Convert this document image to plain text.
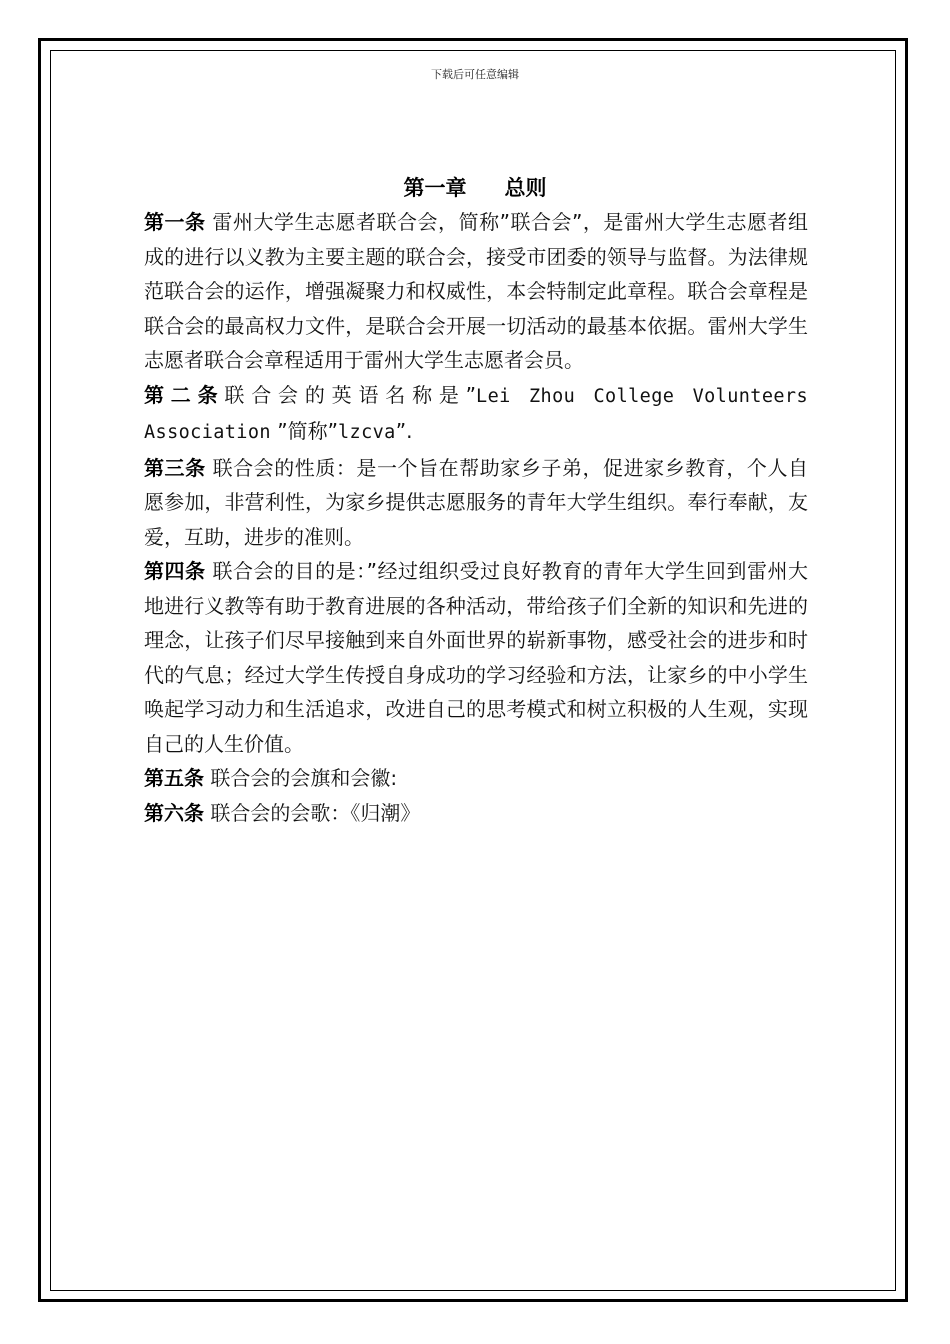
下载后可任意编辑
第一章 总则

第一条 雷州大学生志愿者联合会，简称”联合会”，是雷州大学生志愿者组成的进行以义教为主要主题的联合会，接受市团委的领导与监督。为法律规范联合会的运作，增强凝聚力和权威性，本会特制定此章程。联合会章程是联合会的最高权力文件，是联合会开展一切活动的最基本依据。雷州大学生志愿者联合会章程适用于雷州大学生志愿者会员。

第二条联合会的英语名称是”Lei Zhou College Volunteers Association ”简称”lzcva”.

第三条 联合会的性质：是一个旨在帮助家乡子弟，促进家乡教育，个人自愿参加，非营利性，为家乡提供志愿服务的青年大学生组织。奉行奉献，友爱，互助，进步的准则。

第四条 联合会的目的是：”经过组织受过良好教育的青年大学生回到雷州大地进行义教等有助于教育进展的各种活动，带给孩子们全新的知识和先进的理念，让孩子们尽早接触到来自外面世界的崭新事物，感受社会的进步和时代的气息；经过大学生传授自身成功的学习经验和方法，让家乡的中小学生唤起学习动力和生活追求，改进自己的思考模式和树立积极的人生观，实现自己的人生价值。

第五条 联合会的会旗和会徽:

第六条 联合会的会歌：《归潮》
